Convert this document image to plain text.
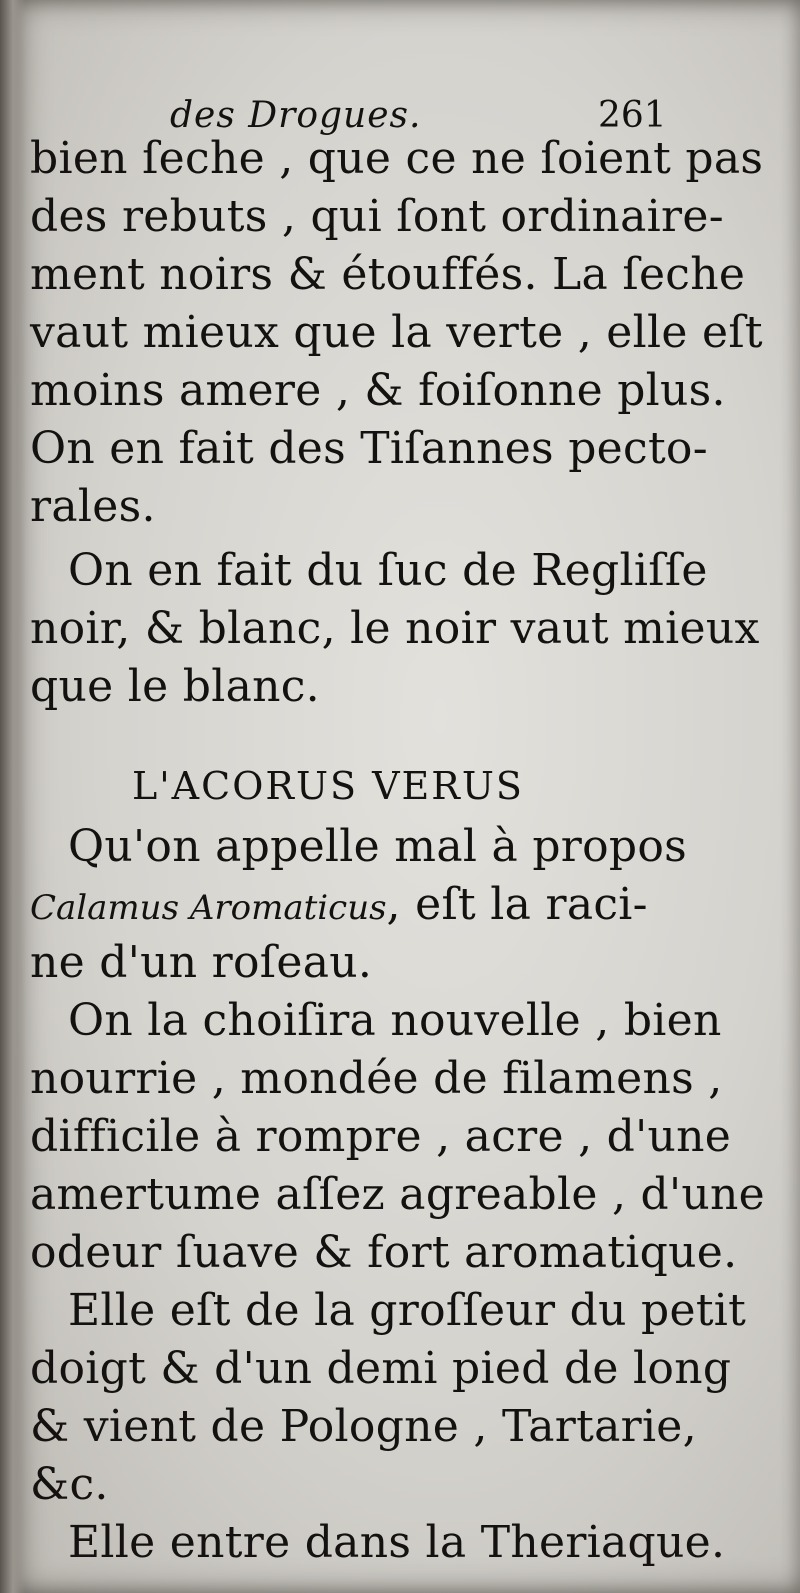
des Drogues.	261
bien ſeche , que ce ne ſoient pas
des rebuts , qui ſont ordinaire-
ment noirs & étouffés. La ſeche
vaut mieux que la verte , elle eſt
moins amere , & foiſonne plus.
On en fait des Tiſannes pecto-
rales.
On en fait du ſuc de Regliſſe
noir, & blanc, le noir vaut mieux
que le blanc.
L'ACORUS VERUS
Qu'on appelle mal à propos
Calamus Aromaticus, eſt la raci-
ne d'un roſeau.
On la choiſira nouvelle , bien
nourrie , mondée de filamens ,
difficile à rompre , acre , d'une
amertume aſſez agreable , d'une
odeur ſuave & fort aromatique.
Elle eſt de la groſſeur du petit
doigt & d'un demi pied de long
& vient de Pologne , Tartarie,
&c.
Elle entre dans la Theriaque.
